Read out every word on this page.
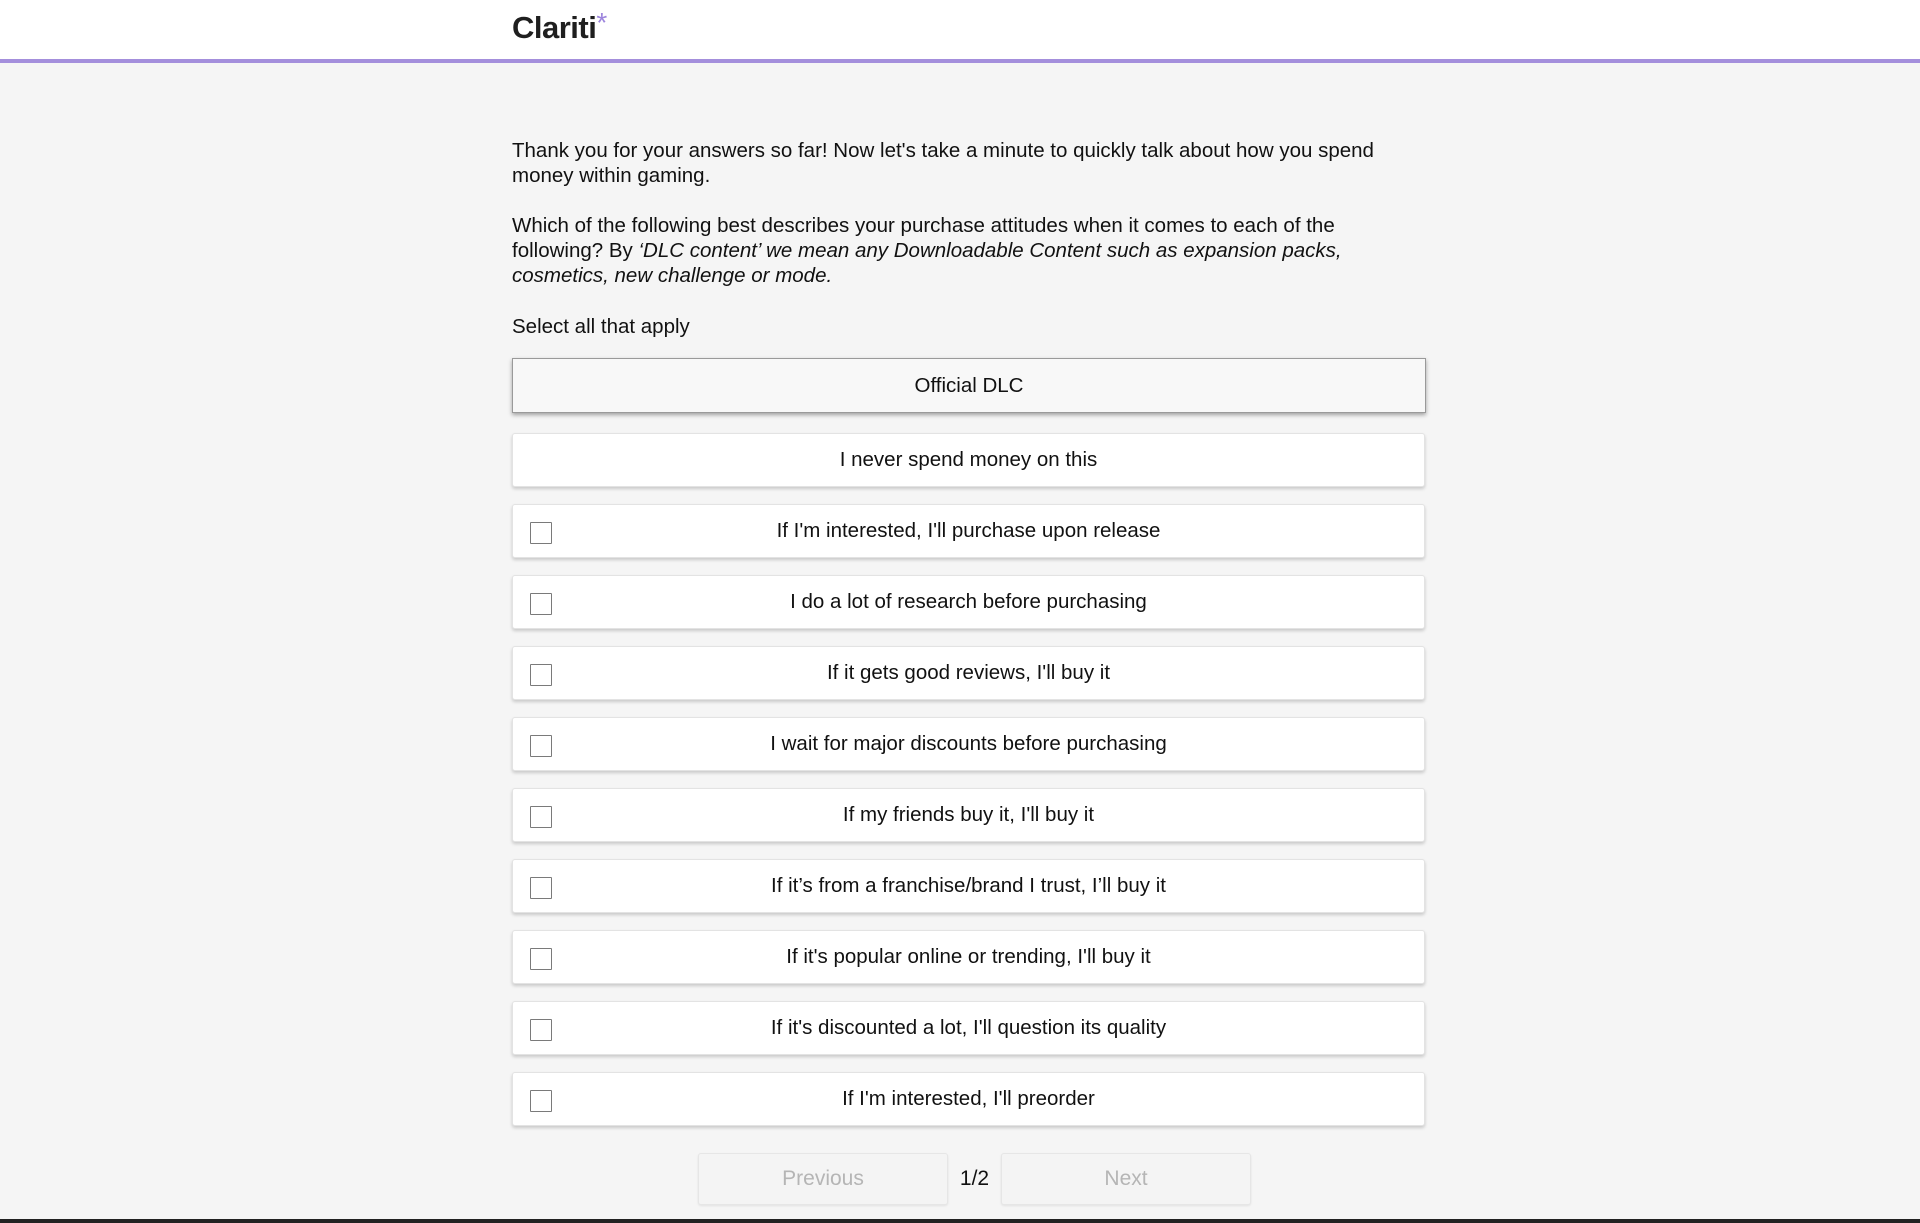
Clariti*

Thank you for your answers so far! Now let's take a minute to quickly talk about how you spend money within gaming.

Which of the following best describes your purchase attitudes when it comes to each of the following? By ‘DLC content’ we mean any Downloadable Content such as expansion packs, cosmetics, new challenge or mode.

Select all that apply

Official DLC
I never spend money on this
If I'm interested, I'll purchase upon release
I do a lot of research before purchasing
If it gets good reviews, I'll buy it
I wait for major discounts before purchasing
If my friends buy it, I'll buy it
If it’s from a franchise/brand I trust, I’ll buy it
If it's popular online or trending, I'll buy it
If it's discounted a lot, I'll question its quality
If I'm interested, I'll preorder
Previous	1/2	Next
